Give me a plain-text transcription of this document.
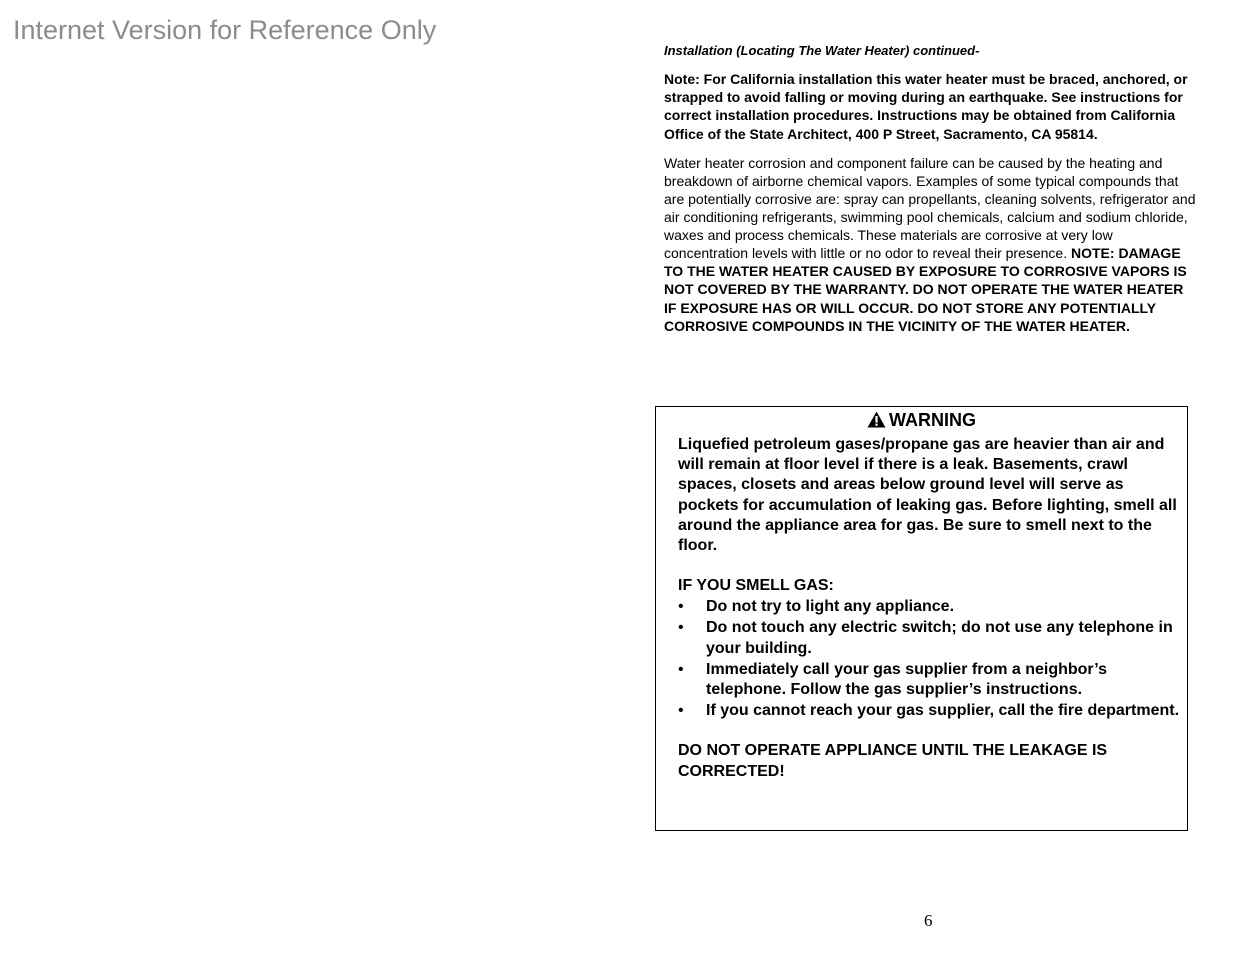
Internet Version for Reference Only

Installation (Locating The Water Heater) continued-

Note: For California installation this water heater must be braced, anchored, or strapped to avoid falling or moving during an earthquake. See instructions for correct installation procedures. Instructions may be obtained from California Office of the State Architect, 400 P Street, Sacramento, CA 95814.

Water heater corrosion and component failure can be caused by the heating and breakdown of airborne chemical vapors. Examples of some typical compounds that are potentially corrosive are: spray can propellants, cleaning solvents, refrigerator and air conditioning refrigerants, swimming pool chemicals, calcium and sodium chloride, waxes and process chemicals. These materials are corrosive at very low concentration levels with little or no odor to reveal their presence. NOTE: DAMAGE TO THE WATER HEATER CAUSED BY EXPOSURE TO CORROSIVE VAPORS IS NOT COVERED BY THE WARRANTY. DO NOT OPERATE THE WATER HEATER IF EXPOSURE HAS OR WILL OCCUR. DO NOT STORE ANY POTENTIALLY CORROSIVE COMPOUNDS IN THE VICINITY OF THE WATER HEATER.

WARNING

Liquefied petroleum gases/propane gas are heavier than air and will remain at floor level if there is a leak. Basements, crawl spaces, closets and areas below ground level will serve as pockets for accumulation of leaking gas. Before lighting, smell all around the appliance area for gas. Be sure to smell next to the floor.

IF YOU SMELL GAS:

• Do not try to light any appliance.
• Do not touch any electric switch; do not use any telephone in your building.
• Immediately call your gas supplier from a neighbor’s telephone. Follow the gas supplier’s instructions.
• If you cannot reach your gas supplier, call the fire department.

DO NOT OPERATE APPLIANCE UNTIL THE LEAKAGE IS CORRECTED!

6
